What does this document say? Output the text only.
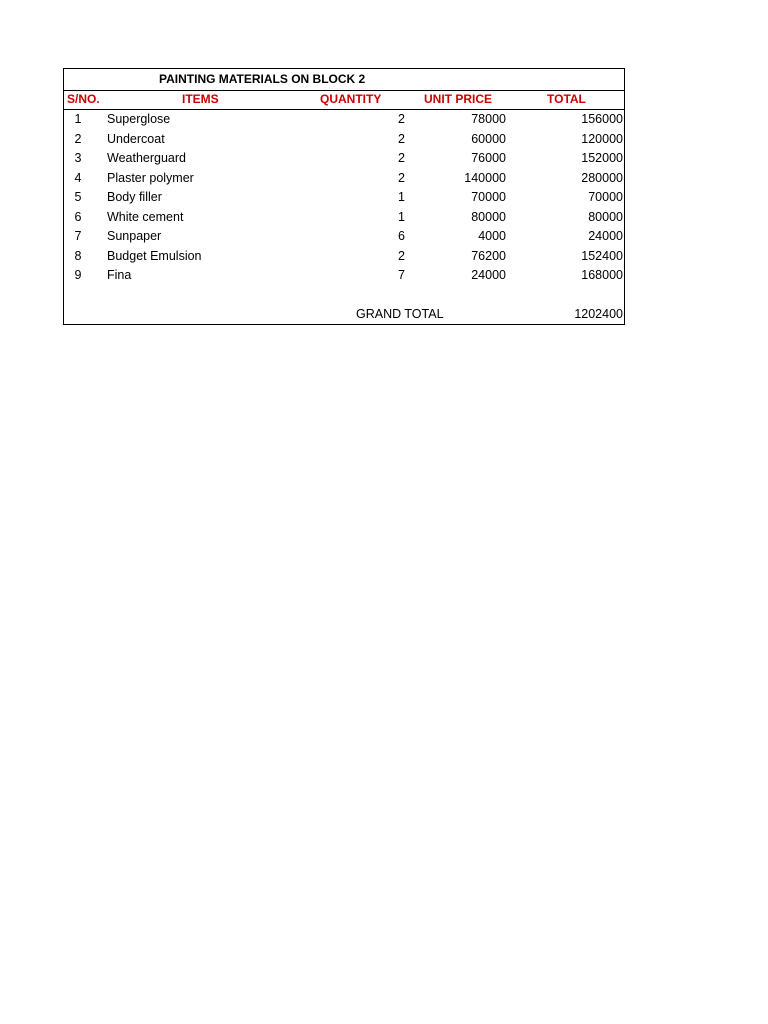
PAINTING MATERIALS ON BLOCK 2
S/NO.	ITEMS	QUANTITY	UNIT PRICE	TOTAL
1	Superglose	2	78000	156000
2	Undercoat	2	60000	120000
3	Weatherguard	2	76000	152000
4	Plaster polymer	2	140000	280000
5	Body filler	1	70000	70000
6	White cement	1	80000	80000
7	Sunpaper	6	4000	24000
8	Budget Emulsion	2	76200	152400
9	Fina	7	24000	168000
GRAND TOTAL	1202400
